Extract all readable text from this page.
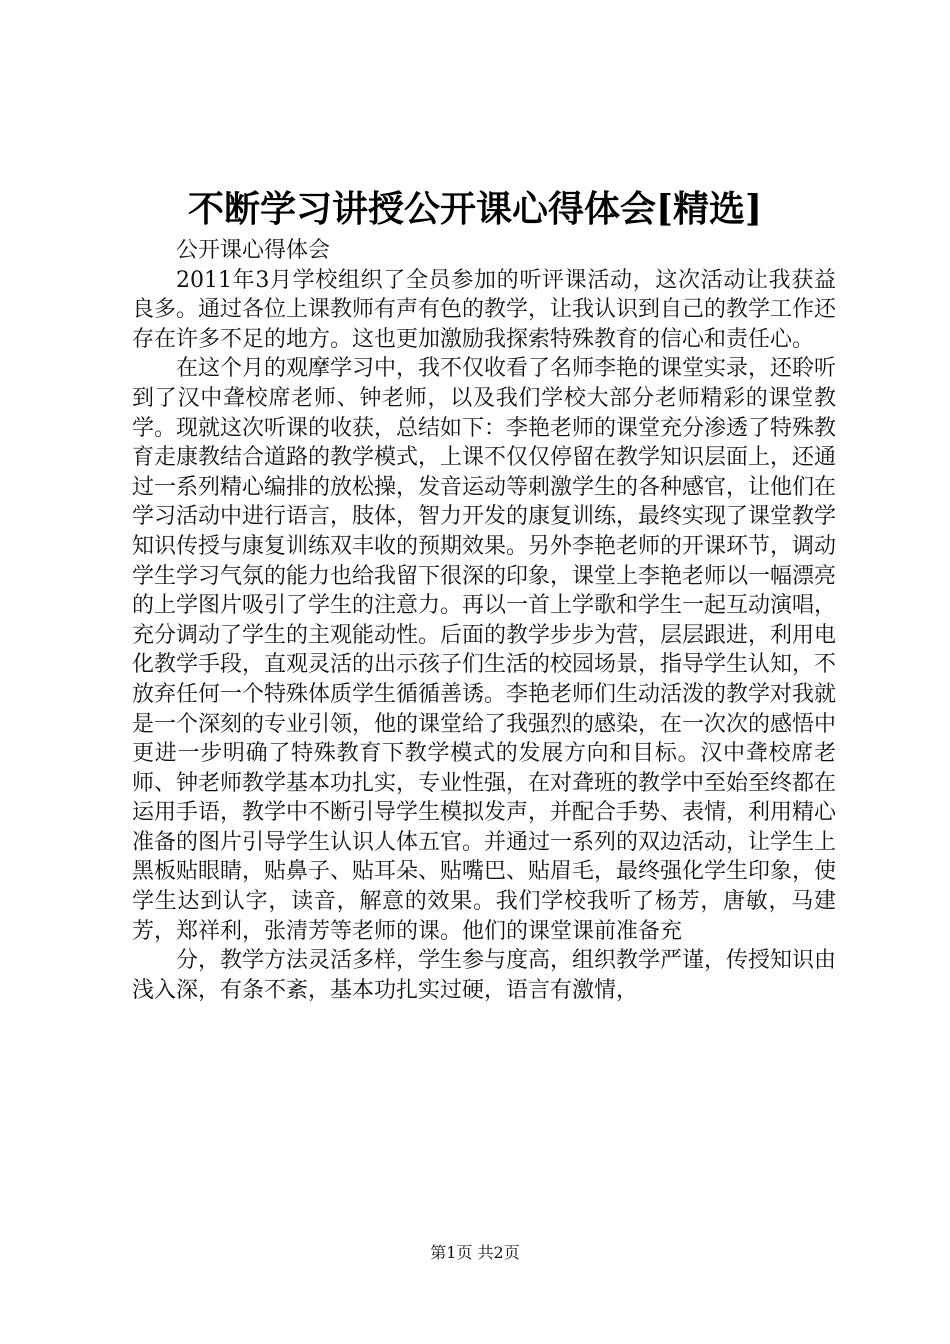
不断学习讲授公开课心得体会[精选]

公开课心得体会

2011年3月学校组织了全员参加的听评课活动，这次活动让我获益良多。通过各位上课教师有声有色的教学，让我认识到自己的教学工作还存在许多不足的地方。这也更加激励我探索特殊教育的信心和责任心。

在这个月的观摩学习中，我不仅收看了名师李艳的课堂实录，还聆听到了汉中聋校席老师、钟老师，以及我们学校大部分老师精彩的课堂教学。现就这次听课的收获，总结如下：李艳老师的课堂充分渗透了特殊教育走康教结合道路的教学模式，上课不仅仅停留在教学知识层面上，还通过一系列精心编排的放松操，发音运动等刺激学生的各种感官，让他们在学习活动中进行语言，肢体，智力开发的康复训练，最终实现了课堂教学知识传授与康复训练双丰收的预期效果。另外李艳老师的开课环节，调动学生学习气氛的能力也给我留下很深的印象，课堂上李艳老师以一幅漂亮的上学图片吸引了学生的注意力。再以一首上学歌和学生一起互动演唱，充分调动了学生的主观能动性。后面的教学步步为营，层层跟进，利用电化教学手段，直观灵活的出示孩子们生活的校园场景，指导学生认知，不放弃任何一个特殊体质学生循循善诱。李艳老师们生动活泼的教学对我就是一个深刻的专业引领，他的课堂给了我强烈的感染，在一次次的感悟中更进一步明确了特殊教育下教学模式的发展方向和目标。汉中聋校席老师、钟老师教学基本功扎实，专业性强，在对聋班的教学中至始至终都在运用手语，教学中不断引导学生模拟发声，并配合手势、表情，利用精心准备的图片引导学生认识人体五官。并通过一系列的双边活动，让学生上黑板贴眼睛，贴鼻子、贴耳朵、贴嘴巴、贴眉毛，最终强化学生印象，使学生达到认字，读音，解意的效果。我们学校我听了杨芳，唐敏，马建芳，郑祥利，张清芳等老师的课。他们的课堂课前准备充

分，教学方法灵活多样，学生参与度高，组织教学严谨，传授知识由浅入深，有条不紊，基本功扎实过硬，语言有激情，

第1页 共2页
